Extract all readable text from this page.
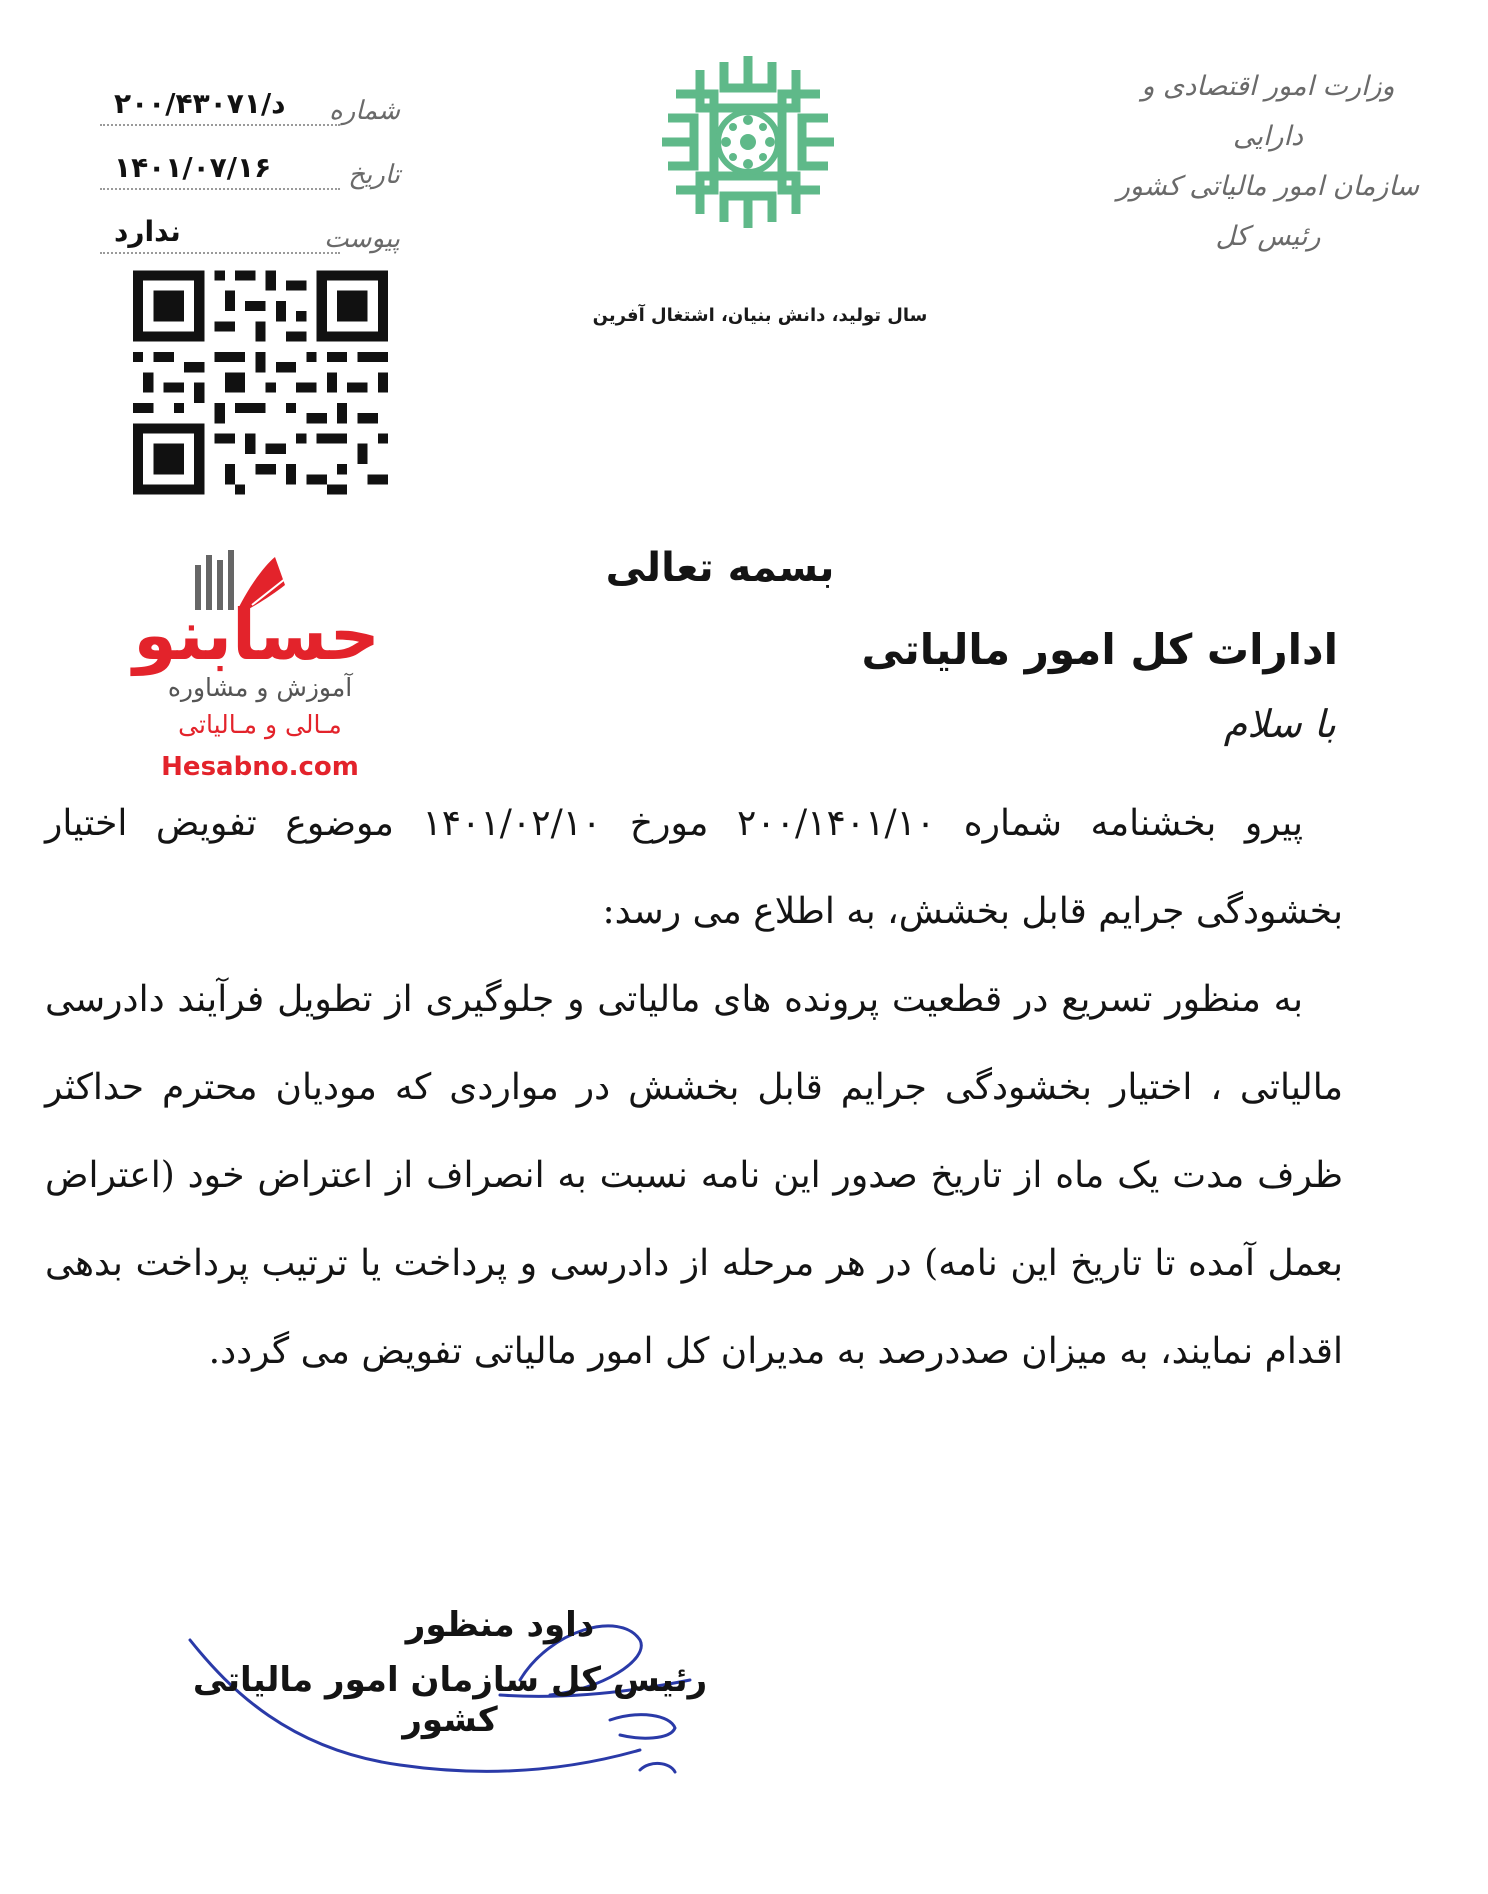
وزارت امور اقتصادی و دارایی
سازمان امور مالیاتی کشور
رئیس کل
سال تولید، دانش بنیان، اشتغال آفرین
شماره
د/۲۰۰/۴۳۰۷۱
تاریخ
۱۴۰۱/۰۷/۱۶
پیوست
ندارد
حسابنو
آموزش و مشاوره
مـالی و مـالیاتی
Hesabno.com
بسمه تعالی
ادارات کل امور مالیاتی
با سلام

پیرو بخشنامه شماره ۲۰۰/۱۴۰۱/۱۰ مورخ ۱۴۰۱/۰۲/۱۰ موضوع تفویض اختیار بخشودگی جرایم قابل بخشش، به اطلاع می رسد:

به منظور تسریع در قطعیت پرونده های مالیاتی و جلوگیری از تطویل فرآیند دادرسی مالیاتی ، اختیار بخشودگی جرایم قابل بخشش در مواردی که مودیان محترم حداکثر ظرف مدت یک ماه از تاریخ صدور این نامه نسبت به انصراف از اعتراض خود (اعتراض بعمل آمده تا تاریخ این نامه) در هر مرحله از دادرسی و پرداخت یا ترتیب پرداخت بدهی اقدام نمایند، به میزان صددرصد به مدیران کل امور مالیاتی تفویض می گردد.

داود منظور
رئیس کل سازمان امور مالیاتی کشور
